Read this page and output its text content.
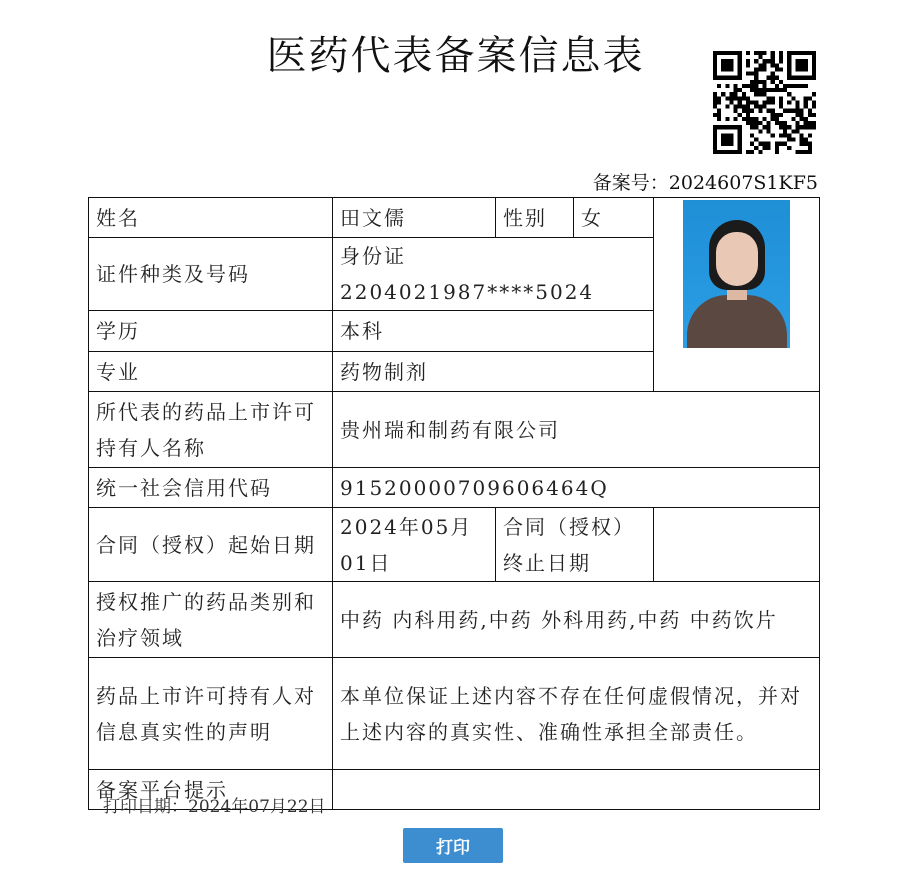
医药代表备案信息表
备案号：2024607S1KF5
姓名	田文儒	性别	女	

证件种类及号码	身份证 2204021987****5024			
学历	本科			
专业	药物制剂			
所代表的药品上市许可持有人名称	贵州瑞和制药有限公司			
统一社会信用代码	91520000709606464Q			
合同（授权）起始日期	2024年05月01日	合同（授权）终止日期		
授权推广的药品类别和治疗领域	中药 内科用药,中药 外科用药,中药 中药饮片			
药品上市许可持有人对信息真实性的声明	本单位保证上述内容不存在任何虚假情况，并对上述内容的真实性、准确性承担全部责任。			
备案平台提示				
打印日期：2024年07月22日
打印
